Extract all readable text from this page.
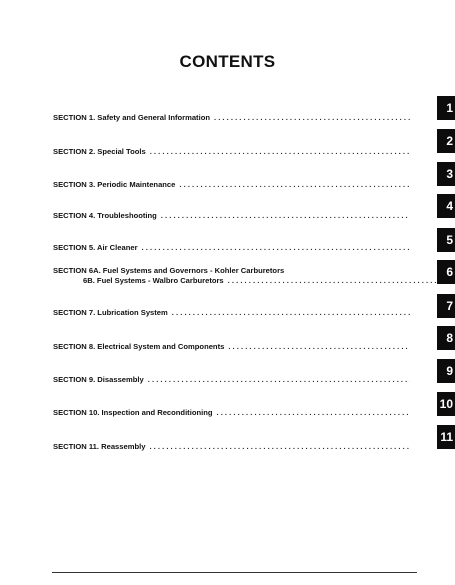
CONTENTS
SECTION 1. Safety and General Information
. . .
SECTION 2. Special Tools
. . .
SECTION 3. Periodic Maintenance
. . .
SECTION 4. Troubleshooting
. . .
SECTION 5. Air Cleaner
. . .
SECTION 6A. Fuel Systems and Governors - Kohler Carburetors
6B. Fuel Systems - Walbro Carburetors
. . .
SECTION 7. Lubrication System
. . .
SECTION 8. Electrical System and Components
. . .
SECTION 9. Disassembly
. . .
SECTION 10. Inspection and Reconditioning
. . .
SECTION 11. Reassembly
. . .
1
2
3
4
5
6
7
8
9
10
11
